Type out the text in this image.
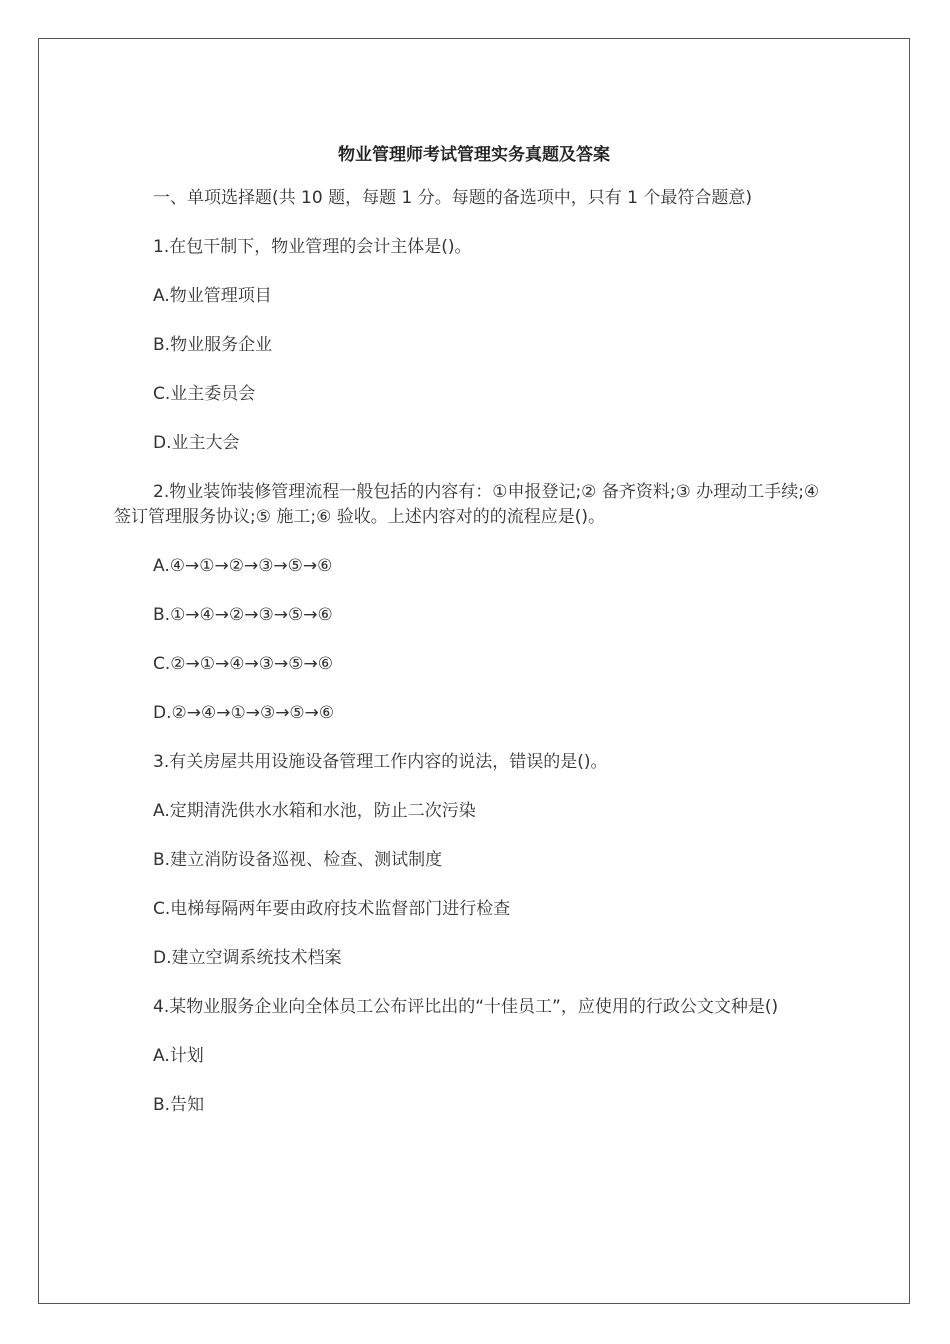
物业管理师考试管理实务真题及答案

一、单项选择题(共 10 题，每题 1 分。每题的备选项中，只有 1 个最符合题意)

1.在包干制下，物业管理的会计主体是()。

A.物业管理项目

B.物业服务企业

C.业主委员会

D.业主大会

2.物业装饰装修管理流程一般包括的内容有：①申报登记;② 备齐资料;③ 办理动工手续;④ 签订管理服务协议;⑤ 施工;⑥ 验收。上述内容对的的流程应是()。

A.④→①→②→③→⑤→⑥

B.①→④→②→③→⑤→⑥

C.②→①→④→③→⑤→⑥

D.②→④→①→③→⑤→⑥

3.有关房屋共用设施设备管理工作内容的说法，错误的是()。

A.定期清洗供水水箱和水池，防止二次污染

B.建立消防设备巡视、检查、测试制度

C.电梯每隔两年要由政府技术监督部门进行检查

D.建立空调系统技术档案

4.某物业服务企业向全体员工公布评比出的“十佳员工”，应使用的行政公文文种是()

A.计划

B.告知
